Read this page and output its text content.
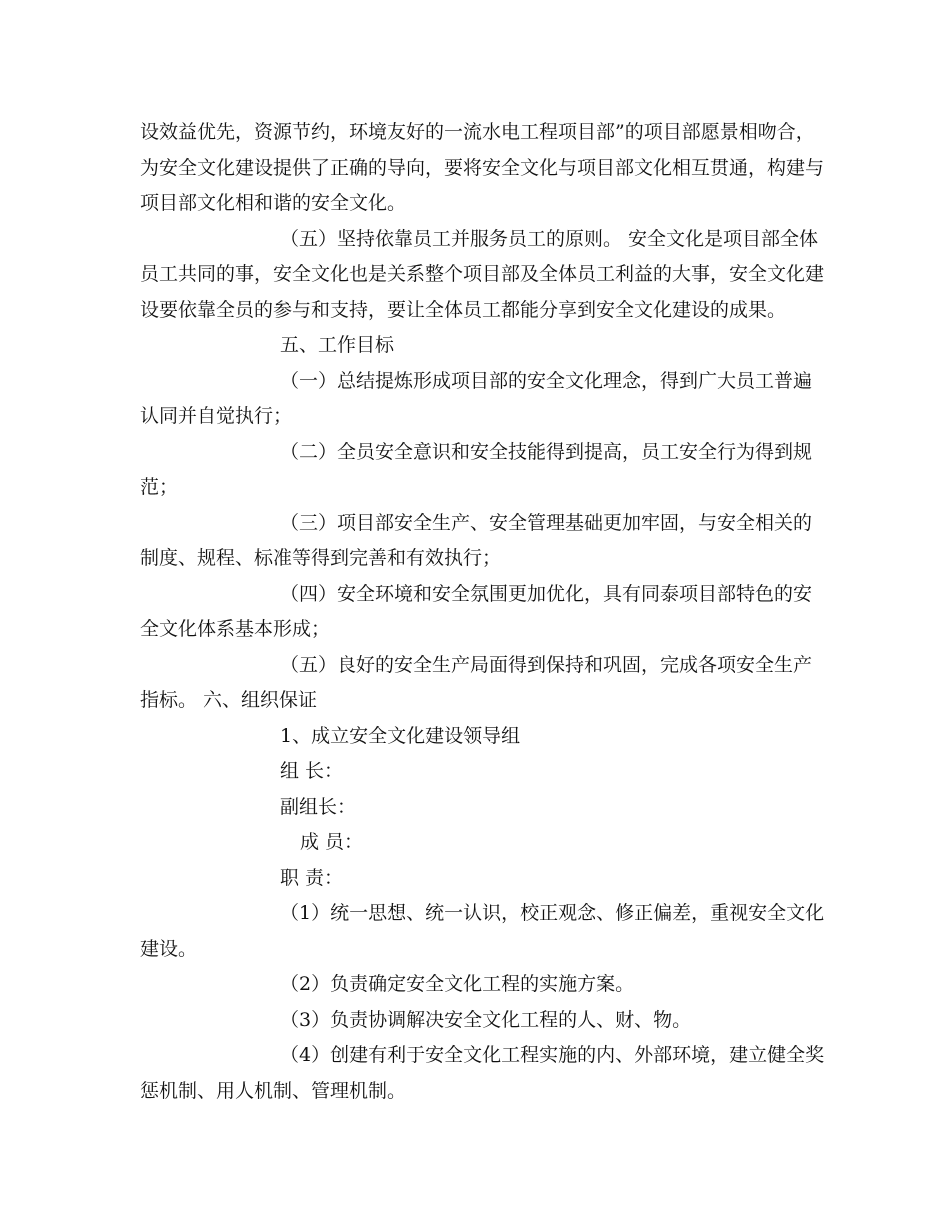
设效益优先，资源节约，环境友好的一流水电工程项目部”的项目部愿景相吻合，
为安全文化建设提供了正确的导向，要将安全文化与项目部文化相互贯通，构建与
项目部文化相和谐的安全文化。
（五）坚持依靠员工并服务员工的原则。 安全文化是项目部全体
员工共同的事，安全文化也是关系整个项目部及全体员工利益的大事，安全文化建
设要依靠全员的参与和支持，要让全体员工都能分享到安全文化建设的成果。
五、工作目标
（一）总结提炼形成项目部的安全文化理念，得到广大员工普遍
认同并自觉执行；
（二）全员安全意识和安全技能得到提高，员工安全行为得到规
范；
（三）项目部安全生产、安全管理基础更加牢固，与安全相关的
制度、规程、标准等得到完善和有效执行；
（四）安全环境和安全氛围更加优化，具有同泰项目部特色的安
全文化体系基本形成；
（五）良好的安全生产局面得到保持和巩固，完成各项安全生产
指标。 六、组织保证
1、成立安全文化建设领导组
组 长：
副组长：
成 员：
职 责：
（1）统一思想、统一认识，校正观念、修正偏差，重视安全文化
建设。
（2）负责确定安全文化工程的实施方案。
（3）负责协调解决安全文化工程的人、财、物。
（4）创建有利于安全文化工程实施的内、外部环境，建立健全奖
惩机制、用人机制、管理机制。
